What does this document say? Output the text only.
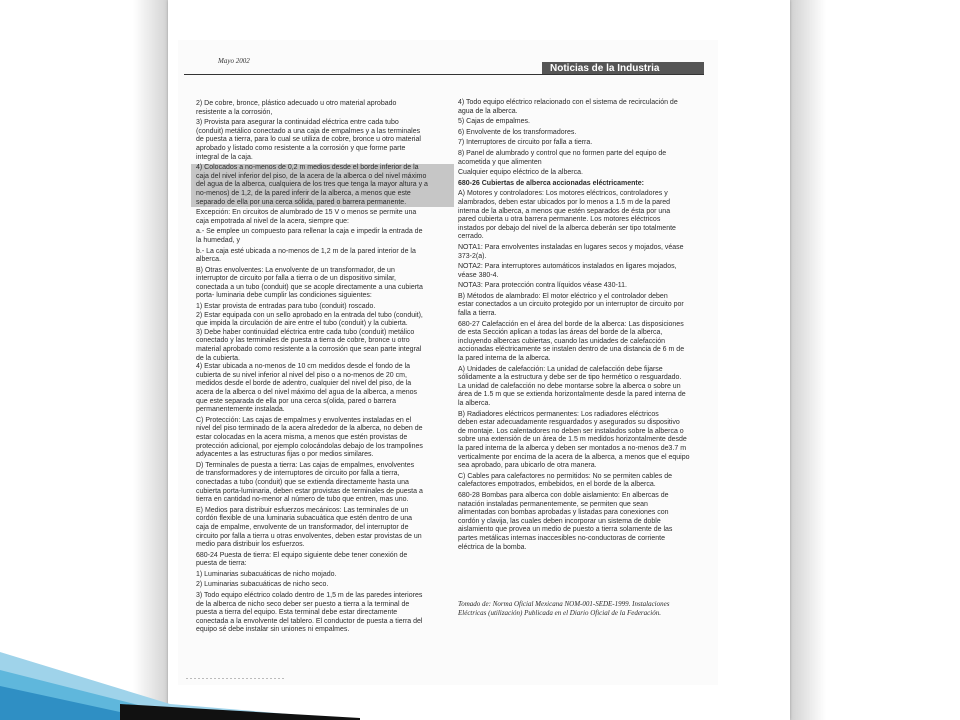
Mayo 2002
Noticias de la Industria

2) De cobre, bronce, plástico adecuado u otro material aprobado
resistente a la corrosión,

3) Provista para asegurar la continuidad eléctrica entre cada tubo
(conduit) metálico conectado a una caja de empalmes y a las terminales
de puesta a tierra, para lo cual se utiliza de cobre, bronce u otro material
aprobado y listado como resistente a la corrosión y que forme parte
integral de la caja.

4) Colocados a no-menos de 0,2 m medios desde el borde inferior de la
caja del nivel inferior del piso, de la acera de la alberca o del nivel máximo
del agua de la alberca, cualquiera de los tres que tenga la mayor altura y a
no-menos) de 1,2, de la pared inferir de la alberca, a menos que este
separado de ella por una cerca sólida, pared o barrera permanente.

Excepción: En circuitos de alumbrado de 15 V o menos se permite una
caja empotrada al nivel de la acera, siempre que:

a.- Se emplee un compuesto para rellenar la caja e impedir la entrada de
la humedad, y

b.- La caja esté ubicada a no-menos de 1,2 m de la pared interior de la
alberca.

B) Otras envolventes: La envolvente de un transformador, de un
interruptor de circuito por falla a tierra o de un dispositivo similar,
conectada a un tubo (conduit) que se acople directamente a una cubierta
porta- luminaria debe cumplir las condiciones siguientes:

1) Estar provista de entradas para tubo (conduit) roscado.
2) Estar equipada con un sello aprobado en la entrada del tubo (conduit),
que impida la circulación de aire entre el tubo (conduit) y la cubierta.
3) Debe haber continuidad eléctrica entre cada tubo (conduit) metálico
conectado y las terminales de puesta a tierra de cobre, bronce u otro
material aprobado como resistente a la corrosión que sean parte integral
de la cubierta.
4) Estar ubicada a no-menos de 10 cm medidos desde el fondo de la
cubierta de su nivel inferior al nivel del piso o a no-menos de 20 cm,
medidos desde el borde de adentro, cualquier del nivel del piso, de la
acera de la alberca o del nivel máximo del agua de la alberca, a menos
que este separada de ella por una cerca s(olida, pared o barrera
permanentemente instalada.

C) Protección: Las cajas de empalmes y envolventes instaladas en el
nivel del piso terminado de la acera alrededor de la alberca, no deben de
estar colocadas en la acera misma, a menos que estén provistas de
protección adicional, por ejemplo colocándolas debajo de los trampolines
adyacentes a las estructuras fijas o por medios similares.

D) Terminales de puesta a tierra: Las cajas de empalmes, envolventes
de transformadores y de interruptores de circuito por falla a tierra,
conectadas a tubo (conduit) que se extienda directamente hasta una
cubierta porta-luminaria, deben estar provistas de terminales de puesta a
tierra en cantidad no-menor al número de tubo que entren, mas uno.

E) Medios para distribuir esfuerzos mecánicos: Las terminales de un
cordón flexible de una luminaria subacuática que estén dentro de una
caja de empalme, envolvente de un transformador, del interruptor de
circuito por falla a tierra u otras envolventes, deben estar provistas de un
medio para distribuir los esfuerzos.

680-24 Puesta de tierra: El equipo siguiente debe tener conexión de
puesta de tierra:

1) Luminarias subacuáticas de nicho mojado.

2) Luminarias subacuáticas de nicho seco.

3) Todo equipo eléctrico colado dentro de 1,5 m de las paredes interiores
de la alberca de nicho seco deber ser puesto a tierra a la terminal de
puesta a tierra del equipo. Esta terminal debe estar directamente
conectada a la envolvente del tablero. El conductor de puesta a tierra del
equipo sé debe instalar sin uniones ni empalmes.

4) Todo equipo eléctrico relacionado con el sistema de recirculación de
agua de la alberca.

5) Cajas de empalmes.

6) Envolvente de los transformadores.

7) Interruptores de circuito por falla a tierra.

8) Panel de alumbrado y control que no formen parte del equipo de
acometida y que alimenten

Cualquier equipo eléctrico de la alberca.

680-26 Cubiertas de alberca accionadas eléctricamente:

A) Motores y controladores: Los motores eléctricos, controladores y
alambrados, deben estar ubicados por lo menos a 1.5 m de la pared
interna de la alberca, a menos que estén separados de ésta por una
pared cubierta u otra barrera permanente. Los motores eléctricos
instados por debajo del nivel de la alberca deberán ser tipo totalmente
cerrado.

NOTA1: Para envolventes instaladas en lugares secos y mojados, véase
373-2(a).

NOTA2: Para interruptores automáticos instalados en ligares mojados,
véase 380-4.

NOTA3: Para protección contra líquidos véase 430-11.

B) Métodos de alambrado: El motor eléctrico y el controlador deben
estar conectados a un circuito protegido por un interruptor de circuito por
falla a tierra.

680-27 Calefacción en el área del borde de la alberca: Las disposiciones
de esta Sección aplican a todas las áreas del borde de la alberca,
incluyendo albercas cubiertas, cuando las unidades de calefacción
accionadas eléctricamente se instalen dentro de una distancia de 6 m de
la pared interna de la alberca.

A) Unidades de calefacción: La unidad de calefacción debe fijarse
sólidamente a la estructura y debe ser de tipo hermético o resguardado.
La unidad de calefacción no debe montarse sobre la alberca o sobre un
área de 1.5 m que se extienda horizontalmente desde la pared interna de
la alberca.

B) Radiadores eléctricos permanentes: Los radiadores eléctricos
deben estar adecuadamente resguardados y asegurados su dispositivo
de montaje. Los calentadores no deben ser instalados sobre la alberca o
sobre una extensión de un área de 1.5 m medidos horizontalmente desde
la pared interna de la alberca y deben ser montados a no-menos de3.7 m
verticalmente por encima de la acera de la alberca, a menos que el equipo
sea aprobado, para ubicarlo de otra manera.

C) Cables para calefactores no permitidos: No se permiten cables de
calefactores empotrados, embebidos, en el borde de la alberca.

680-28 Bombas para alberca con doble aislamiento: En albercas de
natación instaladas permanentemente, se permiten que sean
alimentadas con bombas aprobadas y listadas para conexiones con
cordón y clavija, las cuales deben incorporar un sistema de doble
aislamiento que provea un medio de puesto a tierra solamente de las
partes metálicas internas inaccesibles no-conductoras de corriente
eléctrica de la bomba.

Tomado de: Norma Oficial Mexicana NOM-001-SEDE-1999. Instalaciones
Eléctricas (utilización) Publicada en el Diario Oficial de la Federación.
